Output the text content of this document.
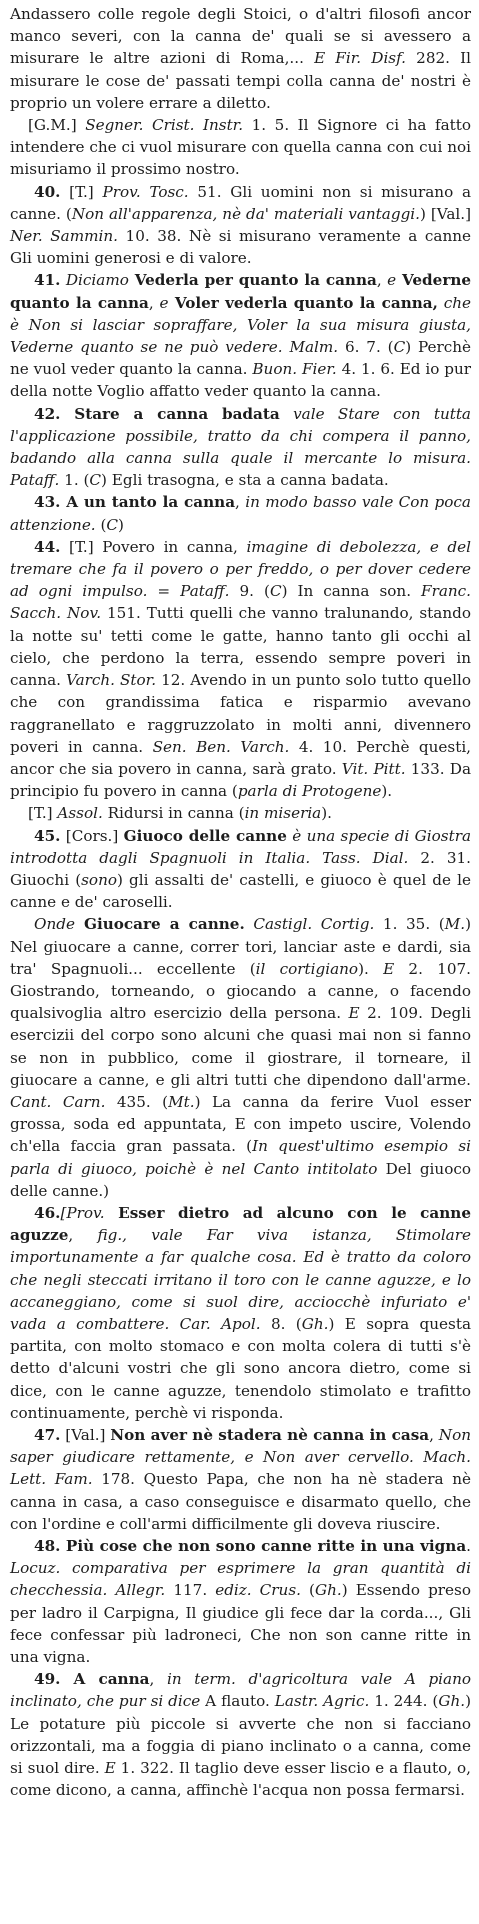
Andassero colle regole degli Stoici, o d'altri filosofi ancor manco severi, con la canna de' quali se si avessero a misurare le altre azioni di Roma,... E Fir. Disf. 282. Il misurare le cose de' passati tempi colla canna de' nostri è proprio un volere errare a diletto.

[G.M.] Segner. Crist. Instr. 1. 5. Il Signore ci ha fatto intendere che ci vuol misurare con quella canna con cui noi misuriamo il prossimo nostro.

40. [T.] Prov. Tosc. 51. Gli uomini non si misurano a canne. (Non all'apparenza, nè da' materiali vantaggi.) [Val.] Ner. Sammin. 10. 38. Nè si misurano veramente a canne Gli uomini generosi e di valore.

41. Diciamo Vederla per quanto la canna, e Vederne quanto la canna, e Voler vederla quanto la canna, che è Non si lasciar sopraffare, Voler la sua misura giusta, Vederne quanto se ne può vedere. Malm. 6. 7. (C) Perchè ne vuol veder quanto la canna. Buon. Fier. 4. 1. 6. Ed io pur della notte Voglio affatto veder quanto la canna.

42. Stare a canna badata vale Stare con tutta l'applicazione possibile, tratto da chi compera il panno, badando alla canna sulla quale il mercante lo misura. Pataff. 1. (C) Egli trasogna, e sta a canna badata.

43. A un tanto la canna, in modo basso vale Con poca attenzione. (C)

44. [T.] Povero in canna, imagine di debolezza, e del tremare che fa il povero o per freddo, o per dover cedere ad ogni impulso. = Pataff. 9. (C) In canna son. Franc. Sacch. Nov. 151. Tutti quelli che vanno tralunando, stando la notte su' tetti come le gatte, hanno tanto gli occhi al cielo, che perdono la terra, essendo sempre poveri in canna. Varch. Stor. 12. Avendo in un punto solo tutto quello che con grandissima fatica e risparmio avevano raggranellato e raggruzzolato in molti anni, divennero poveri in canna. Sen. Ben. Varch. 4. 10. Perchè questi, ancor che sia povero in canna, sarà grato. Vit. Pitt. 133. Da principio fu povero in canna (parla di Protogene).

[T.] Assol. Ridursi in canna (in miseria).

45. [Cors.] Giuoco delle canne è una specie di Giostra introdotta dagli Spagnuoli in Italia. Tass. Dial. 2. 31. Giuochi (sono) gli assalti de' castelli, e giuoco è quel de le canne e de' caroselli.

Onde Giuocare a canne. Castigl. Cortig. 1. 35. (M.) Nel giuocare a canne, correr tori, lanciar aste e dardi, sia tra' Spagnuoli... eccellente (il cortigiano). E 2. 107. Giostrando, torneando, o giocando a canne, o facendo qualsivoglia altro esercizio della persona. E 2. 109. Degli esercizii del corpo sono alcuni che quasi mai non si fanno se non in pubblico, come il giostrare, il torneare, il giuocare a canne, e gli altri tutti che dipendono dall'arme. Cant. Carn. 435. (Mt.) La canna da ferire Vuol esser grossa, soda ed appuntata, E con impeto uscire, Volendo ch'ella faccia gran passata. (In quest'ultimo esempio si parla di giuoco, poichè è nel Canto intitolato Del giuoco delle canne.)

46.[Prov. Esser dietro ad alcuno con le canne aguzze, fig., vale Far viva istanza, Stimolare importunamente a far qualche cosa. Ed è tratto da coloro che negli steccati irritano il toro con le canne aguzze, e lo accaneggiano, come si suol dire, acciocchè infuriato e' vada a combattere. Car. Apol. 8. (Gh.) E sopra questa partita, con molto stomaco e con molta colera di tutti s'è detto d'alcuni vostri che gli sono ancora dietro, come si dice, con le canne aguzze, tenendolo stimolato e trafitto continuamente, perchè vi risponda.

47. [Val.] Non aver nè stadera nè canna in casa, Non saper giudicare rettamente, e Non aver cervello. Mach. Lett. Fam. 178. Questo Papa, che non ha nè stadera nè canna in casa, a caso conseguisce e disarmato quello, che con l'ordine e coll'armi difficilmente gli doveva riuscire.

48. Più cose che non sono canne ritte in una vigna. Locuz. comparativa per esprimere la gran quantità di checchessia. Allegr. 117. ediz. Crus. (Gh.) Essendo preso per ladro il Carpigna, Il giudice gli fece dar la corda..., Gli fece confessar più ladroneci, Che non son canne ritte in una vigna.

49. A canna, in term. d'agricoltura vale A piano inclinato, che pur si dice A flauto. Lastr. Agric. 1. 244. (Gh.) Le potature più piccole si avverte che non si facciano orizzontali, ma a foggia di piano inclinato o a canna, come si suol dire. E 1. 322. Il taglio deve esser liscio e a flauto, o, come dicono, a canna, affinchè l'acqua non possa fermarsi.
